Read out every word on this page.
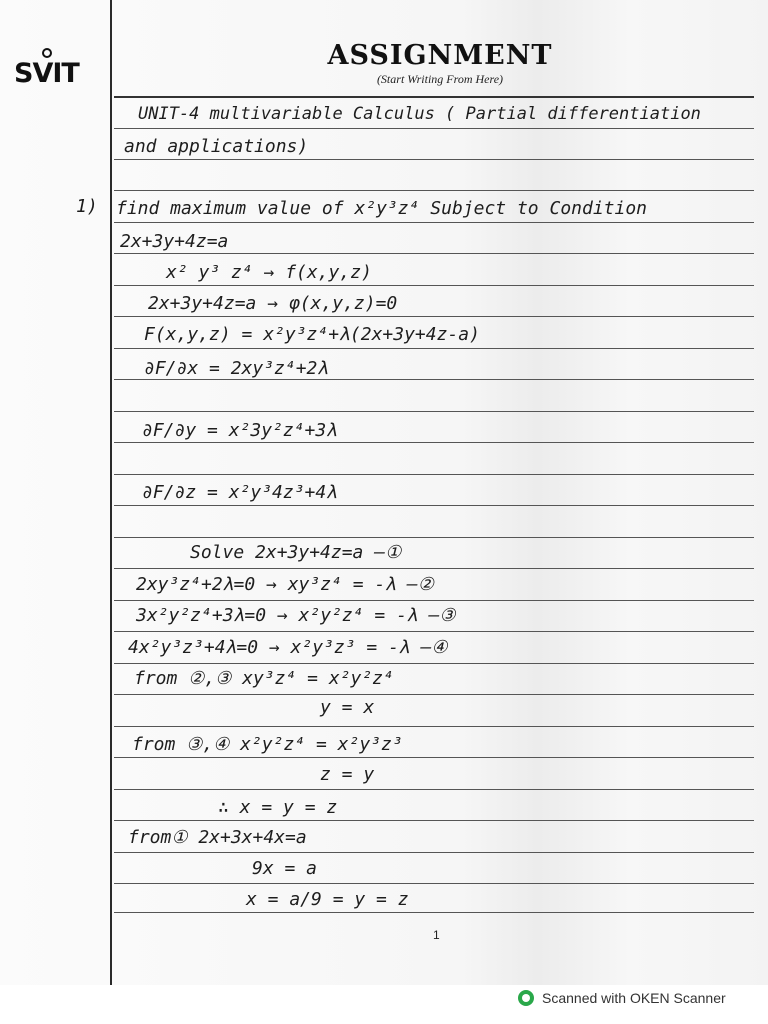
SVIT
ASSIGNMENT
(Start Writing From Here)
1)
UNIT-4 multivariable Calculus ( Partial differentiation
and applications)
find maximum value of x²y³z⁴ Subject to Condition
2x+3y+4z=a
x² y³ z⁴ → f(x,y,z)
2x+3y+4z=a → φ(x,y,z)=0
F(x,y,z) = x²y³z⁴+λ(2x+3y+4z-a)
∂F/∂x = 2xy³z⁴+2λ
∂F/∂y = x²3y²z⁴+3λ
∂F/∂z = x²y³4z³+4λ
Solve 2x+3y+4z=a —①
2xy³z⁴+2λ=0 → xy³z⁴ = -λ —②
3x²y²z⁴+3λ=0 → x²y²z⁴ = -λ —③
4x²y³z³+4λ=0 → x²y³z³ = -λ —④
from ②,③ xy³z⁴ = x²y²z⁴
y = x
from ③,④ x²y²z⁴ = x²y³z³
z = y
∴ x = y = z
from① 2x+3x+4x=a
9x = a
x = a/9 = y = z
1
Scanned with OKEN Scanner
